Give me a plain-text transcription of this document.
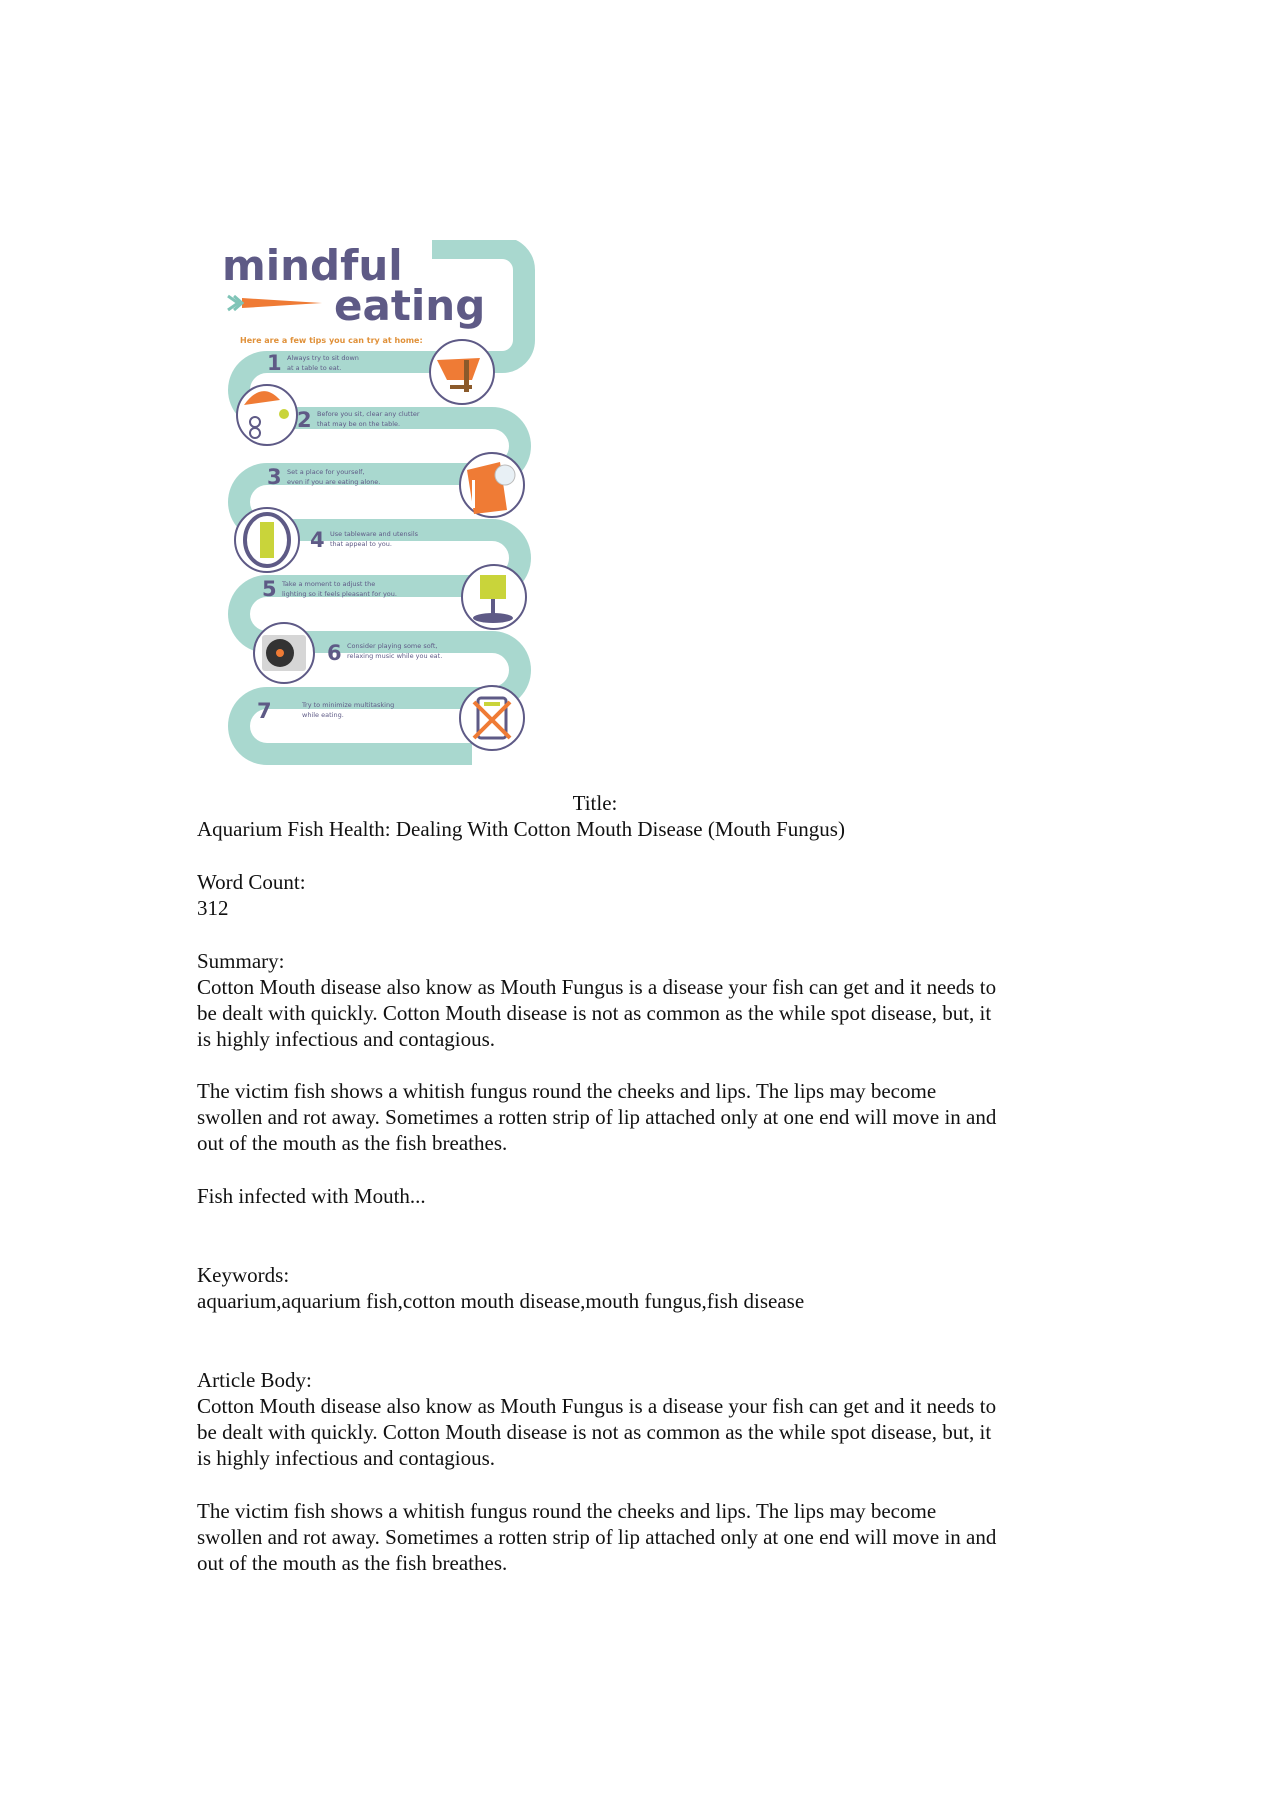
mindful
eating
Here are a few tips you can try at home:
1 Always try to sit down
at a table to eat.
2 Before you sit, clear any clutter
that may be on the table.
3 Set a place for yourself,
even if you are eating alone.
4 Use tableware and utensils
that appeal to you.
5 Take a moment to adjust the
lighting so it feels pleasant for you.
6 Consider playing some soft,
relaxing music while you eat.
7	Try to minimize multitasking
while eating.
Title:
Aquarium Fish Health: Dealing With Cotton Mouth Disease (Mouth Fungus)
Word Count:
312
Summary:
Cotton Mouth disease also know as Mouth Fungus is a disease your fish can get and it needs to
be dealt with quickly. Cotton Mouth disease is not as common as the while spot disease, but, it
is highly infectious and contagious.
The victim fish shows a whitish fungus round the cheeks and lips. The lips may become
swollen and rot away. Sometimes a rotten strip of lip attached only at one end will move in and
out of the mouth as the fish breathes.
Fish infected with Mouth...
Keywords:
aquarium,aquarium fish,cotton mouth disease,mouth fungus,fish disease
Article Body:
Cotton Mouth disease also know as Mouth Fungus is a disease your fish can get and it needs to
be dealt with quickly. Cotton Mouth disease is not as common as the while spot disease, but, it
is highly infectious and contagious.
The victim fish shows a whitish fungus round the cheeks and lips. The lips may become
swollen and rot away. Sometimes a rotten strip of lip attached only at one end will move in and
out of the mouth as the fish breathes.
